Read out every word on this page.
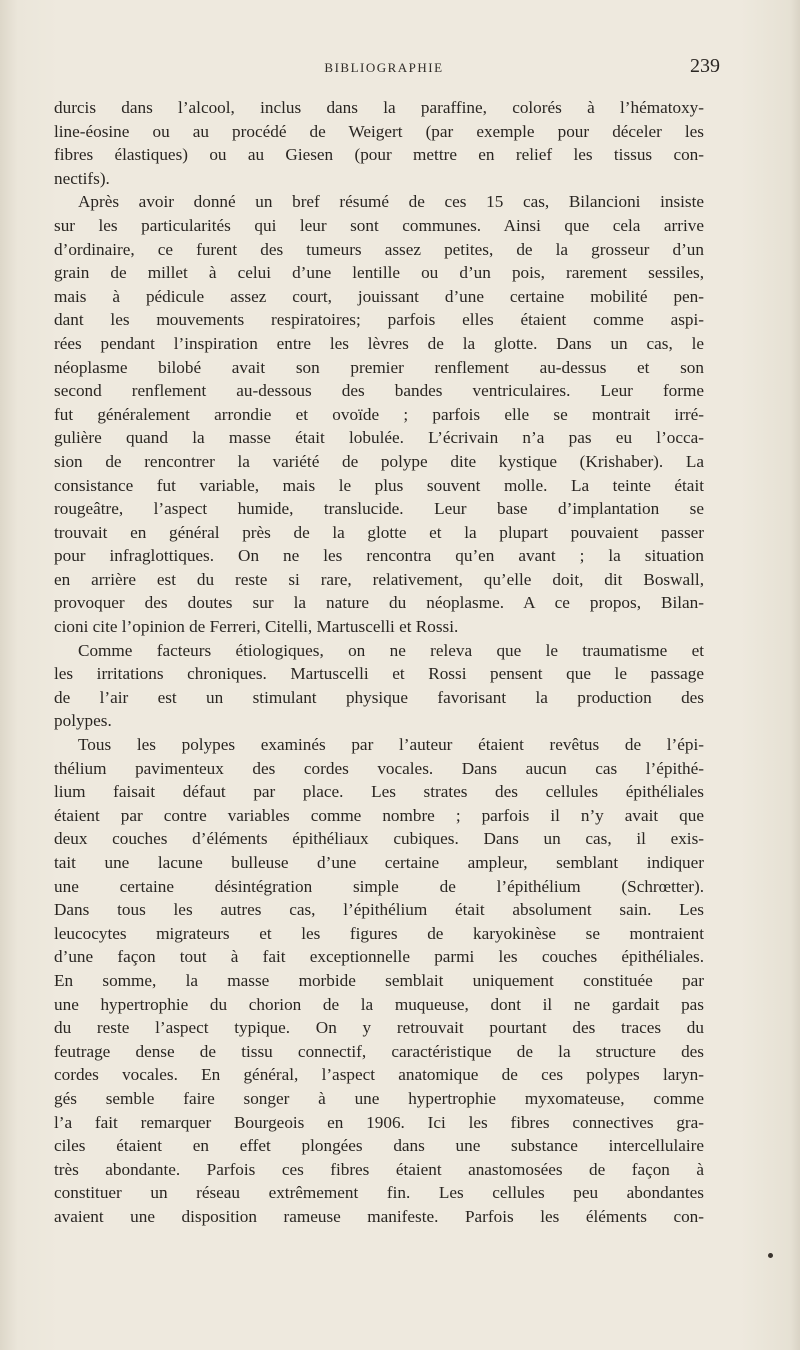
BIBLIOGRAPHIE	239
durcis dans l’alcool, inclus dans la paraffine, colorés à l’hématoxy-
line-éosine ou au procédé de Weigert (par exemple pour déceler les
fibres élastiques) ou au Giesen (pour mettre en relief les tissus con-
nectifs).
Après avoir donné un bref résumé de ces 15 cas, Bilancioni insiste
sur les particularités qui leur sont communes. Ainsi que cela arrive
d’ordinaire, ce furent des tumeurs assez petites, de la grosseur d’un
grain de millet à celui d’une lentille ou d’un pois, rarement sessiles,
mais à pédicule assez court, jouissant d’une certaine mobilité pen-
dant les mouvements respiratoires; parfois elles étaient comme aspi-
rées pendant l’inspiration entre les lèvres de la glotte. Dans un cas, le
néoplasme bilobé avait son premier renflement au-dessus et son
second renflement au-dessous des bandes ventriculaires. Leur forme
fut généralement arrondie et ovoïde ; parfois elle se montrait irré-
gulière quand la masse était lobulée. L’écrivain n’a pas eu l’occa-
sion de rencontrer la variété de polype dite kystique (Krishaber). La
consistance fut variable, mais le plus souvent molle. La teinte était
rougeâtre, l’aspect humide, translucide. Leur base d’implantation se
trouvait en général près de la glotte et la plupart pouvaient passer
pour infraglottiques. On ne les rencontra qu’en avant ; la situation
en arrière est du reste si rare, relativement, qu’elle doit, dit Boswall,
provoquer des doutes sur la nature du néoplasme. A ce propos, Bilan-
cioni cite l’opinion de Ferreri, Citelli, Martuscelli et Rossi.
Comme facteurs étiologiques, on ne releva que le traumatisme et
les irritations chroniques. Martuscelli et Rossi pensent que le passage
de l’air est un stimulant physique favorisant la production des
polypes.
Tous les polypes examinés par l’auteur étaient revêtus de l’épi-
thélium pavimenteux des cordes vocales. Dans aucun cas l’épithé-
lium faisait défaut par place. Les strates des cellules épithéliales
étaient par contre variables comme nombre ; parfois il n’y avait que
deux couches d’éléments épithéliaux cubiques. Dans un cas, il exis-
tait une lacune bulleuse d’une certaine ampleur, semblant indiquer
une certaine désintégration simple de l’épithélium (Schrœtter).
Dans tous les autres cas, l’épithélium était absolument sain. Les
leucocytes migrateurs et les figures de karyokinèse se montraient
d’une façon tout à fait exceptionnelle parmi les couches épithéliales.
En somme, la masse morbide semblait uniquement constituée par
une hypertrophie du chorion de la muqueuse, dont il ne gardait pas
du reste l’aspect typique. On y retrouvait pourtant des traces du
feutrage dense de tissu connectif, caractéristique de la structure des
cordes vocales. En général, l’aspect anatomique de ces polypes laryn-
gés semble faire songer à une hypertrophie myxomateuse, comme
l’a fait remarquer Bourgeois en 1906. Ici les fibres connectives gra-
ciles étaient en effet plongées dans une substance intercellulaire
très abondante. Parfois ces fibres étaient anastomosées de façon à
constituer un réseau extrêmement fin. Les cellules peu abondantes
avaient une disposition rameuse manifeste. Parfois les éléments con-
